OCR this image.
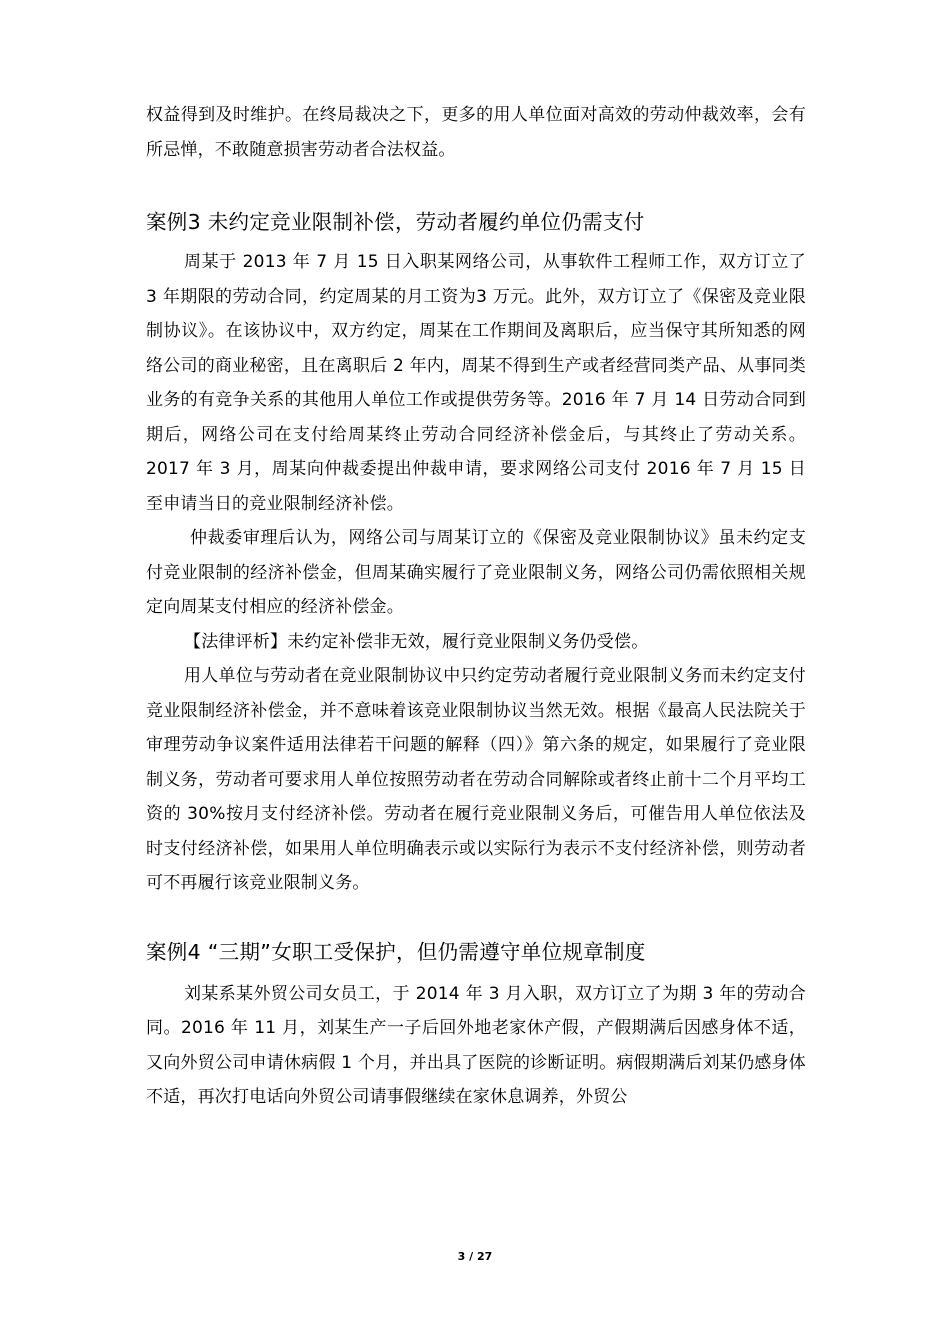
权益得到及时维护。在终局裁决之下，更多的用人单位面对高效的劳动仲裁效率，会有所忌惮，不敢随意损害劳动者合法权益。

案例3 未约定竞业限制补偿，劳动者履约单位仍需支付

周某于 2013 年 7 月 15 日入职某网络公司，从事软件工程师工作，双方订立了 3 年期限的劳动合同，约定周某的月工资为3 万元。此外，双方订立了《保密及竞业限制协议》。在该协议中，双方约定，周某在工作期间及离职后，应当保守其所知悉的网络公司的商业秘密，且在离职后 2 年内，周某不得到生产或者经营同类产品、从事同类业务的有竞争关系的其他用人单位工作或提供劳务等。2016 年 7 月 14 日劳动合同到期后，网络公司在支付给周某终止劳动合同经济补偿金后，与其终止了劳动关系。2017 年 3 月，周某向仲裁委提出仲裁申请，要求网络公司支付 2016 年 7 月 15 日至申请当日的竞业限制经济补偿。

仲裁委审理后认为，网络公司与周某订立的《保密及竞业限制协议》虽未约定支付竞业限制的经济补偿金，但周某确实履行了竞业限制义务，网络公司仍需依照相关规定向周某支付相应的经济补偿金。

【法律评析】未约定补偿非无效，履行竞业限制义务仍受偿。

用人单位与劳动者在竞业限制协议中只约定劳动者履行竞业限制义务而未约定支付竞业限制经济补偿金，并不意味着该竞业限制协议当然无效。根据《最高人民法院关于审理劳动争议案件适用法律若干问题的解释（四）》第六条的规定，如果履行了竞业限制义务，劳动者可要求用人单位按照劳动者在劳动合同解除或者终止前十二个月平均工资的 30%按月支付经济补偿。劳动者在履行竞业限制义务后，可催告用人单位依法及时支付经济补偿，如果用人单位明确表示或以实际行为表示不支付经济补偿，则劳动者可不再履行该竞业限制义务。

案例4 “三期”女职工受保护，但仍需遵守单位规章制度

刘某系某外贸公司女员工，于 2014 年 3 月入职，双方订立了为期 3 年的劳动合同。2016 年 11 月，刘某生产一子后回外地老家休产假，产假期满后因感身体不适，又向外贸公司申请休病假 1 个月，并出具了医院的诊断证明。病假期满后刘某仍感身体不适，再次打电话向外贸公司请事假继续在家休息调养，外贸公

3 / 27
